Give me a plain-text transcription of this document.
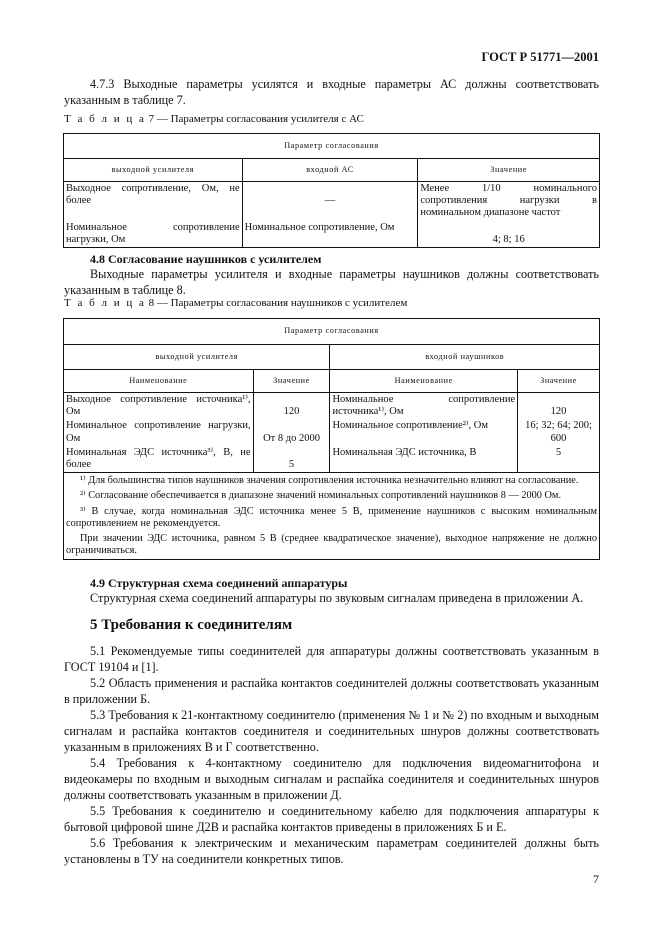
ГОСТ Р 51771—2001

4.7.3 Выходные параметры усилятся и входные параметры АС должны соответствовать указанным в таблице 7.

Т а б л и ц а 7 — Параметры согласования усилителя с АС
Параметр согласования		
выходной усилителя	входной АС	Значение
Выходное сопротивление, Ом, не более	—	Менее 1/10 номинального сопротивления нагрузки в номинальном диапазоне частот
Номинальное сопротивление нагрузки, Ом	Номинальное сопротивление, Ом	4; 8; 16
4.8 Согласование наушников с усилителем

Выходные параметры усилителя и входные параметры наушников должны соответствовать указанным в таблице 8.

Т а б л и ц а 8 — Параметры согласования наушников с усилителем
Параметр согласования			
выходной усилителя		входной наушников	
Наименование	Значение	Наименование	Значение
Выходное сопротивление источника¹⁾, Ом	120	Номинальное сопротивление источника¹⁾, Ом	120
Номинальное сопротивление нагрузки, Ом	От 8 до 2000	Номинальное сопротивление²⁾, Ом	16; 32; 64; 200; 600
Номинальная ЭДС источника³⁾, В, не более	5	Номинальная ЭДС источника, В	5

¹⁾ Для большинства типов наушников значения сопротивления источника незначительно влияют на согласование.
²⁾ Согласование обеспечивается в диапазоне значений номинальных сопротивлений наушников 8 — 2000 Ом.
³⁾ В случае, когда номинальная ЭДС источника менее 5 В, применение наушников с высоким номинальным сопротивлением не рекомендуется.
При значении ЭДС источника, равном 5 В (среднее квадратическое значение), выходное напряжение не должно ограничиваться.			
4.9 Структурная схема соединений аппаратуры

Структурная схема соединений аппаратуры по звуковым сигналам приведена в приложении А.

5 Требования к соединителям

5.1 Рекомендуемые типы соединителей для аппаратуры должны соответствовать указанным в ГОСТ 19104 и [1].

5.2 Область применения и распайка контактов соединителей должны соответствовать указанным в приложении Б.

5.3 Требования к 21-контактному соединителю (применения № 1 и № 2) по входным и выходным сигналам и распайка контактов соединителя и соединительных шнуров должны соответствовать указанным в приложениях В и Г соответственно.

5.4 Требования к 4-контактному соединителю для подключения видеомагнитофона и видеокамеры по входным и выходным сигналам и распайка соединителя и соединительных шнуров должны соответствовать указанным в приложении Д.

5.5 Требования к соединителю и соединительному кабелю для подключения аппаратуры к бытовой цифровой шине Д2В и распайка контактов приведены в приложениях Б и Е.

5.6 Требования к электрическим и механическим параметрам соединителей должны быть установлены в ТУ на соединители конкретных типов.

7
